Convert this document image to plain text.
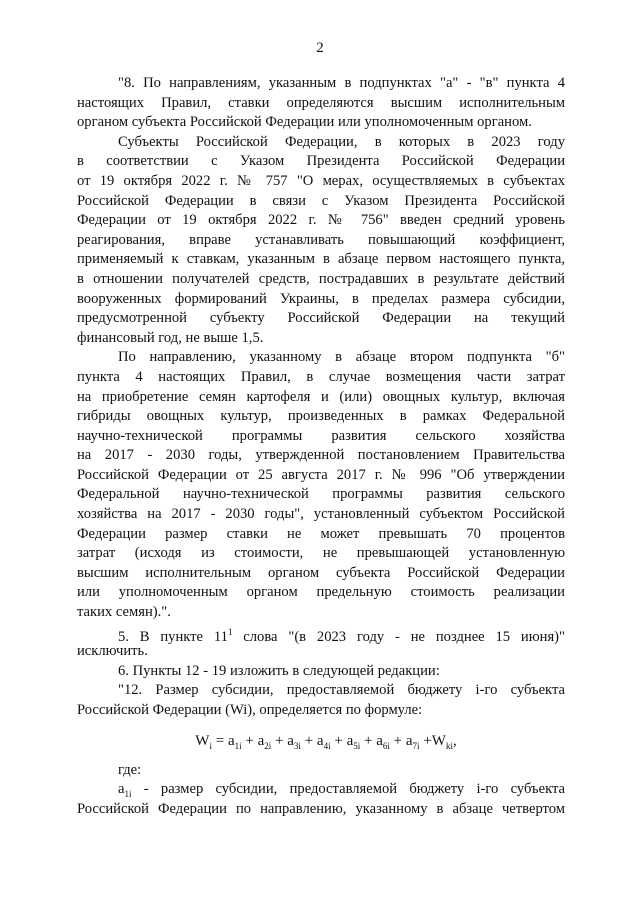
2
"8. По направлениям, указанным в подпунктах "а" - "в" пункта 4
настоящих Правил, ставки определяются высшим исполнительным
органом субъекта Российской Федерации или уполномоченным органом.
Субъекты Российской Федерации, в которых в 2023 году
в соответствии с Указом Президента Российской Федерации
от 19 октября 2022 г. № 757 "О мерах, осуществляемых в субъектах
Российской Федерации в связи с Указом Президента Российской
Федерации от 19 октября 2022 г. № 756" введен средний уровень
реагирования, вправе устанавливать повышающий коэффициент,
применяемый к ставкам, указанным в абзаце первом настоящего пункта,
в отношении получателей средств, пострадавших в результате действий
вооруженных формирований Украины, в пределах размера субсидии,
предусмотренной субъекту Российской Федерации на текущий
финансовый год, не выше 1,5.
По направлению, указанному в абзаце втором подпункта "б"
пункта 4 настоящих Правил, в случае возмещения части затрат
на приобретение семян картофеля и (или) овощных культур, включая
гибриды овощных культур, произведенных в рамках Федеральной
научно-технической программы развития сельского хозяйства
на 2017 - 2030 годы, утвержденной постановлением Правительства
Российской Федерации от 25 августа 2017 г. № 996 "Об утверждении
Федеральной научно-технической программы развития сельского
хозяйства на 2017 - 2030 годы", установленный субъектом Российской
Федерации размер ставки не может превышать 70 процентов
затрат (исходя из стоимости, не превышающей установленную
высшим исполнительным органом субъекта Российской Федерации
или уполномоченным органом предельную стоимость реализации
таких семян).".
5. В пункте $11^1$ слова "(в 2023 году - не позднее 15 июня)"
исключить.
6. Пункты 12 - 19 изложить в следующей редакции:
"12. Размер субсидии, предоставляемой бюджету i-го субъекта
Российской Федерации (Wi), определяется по формуле:
$W_i = a_{1i} + a_{2i} + a_{3i} + a_{4i} + a_{5i} + a_{6i} + a_{7i} +W_{ki}$,
где:
$a_{1i}$ - размер субсидии, предоставляемой бюджету i-го субъекта
Российской Федерации по направлению, указанному в абзаце четвертом
